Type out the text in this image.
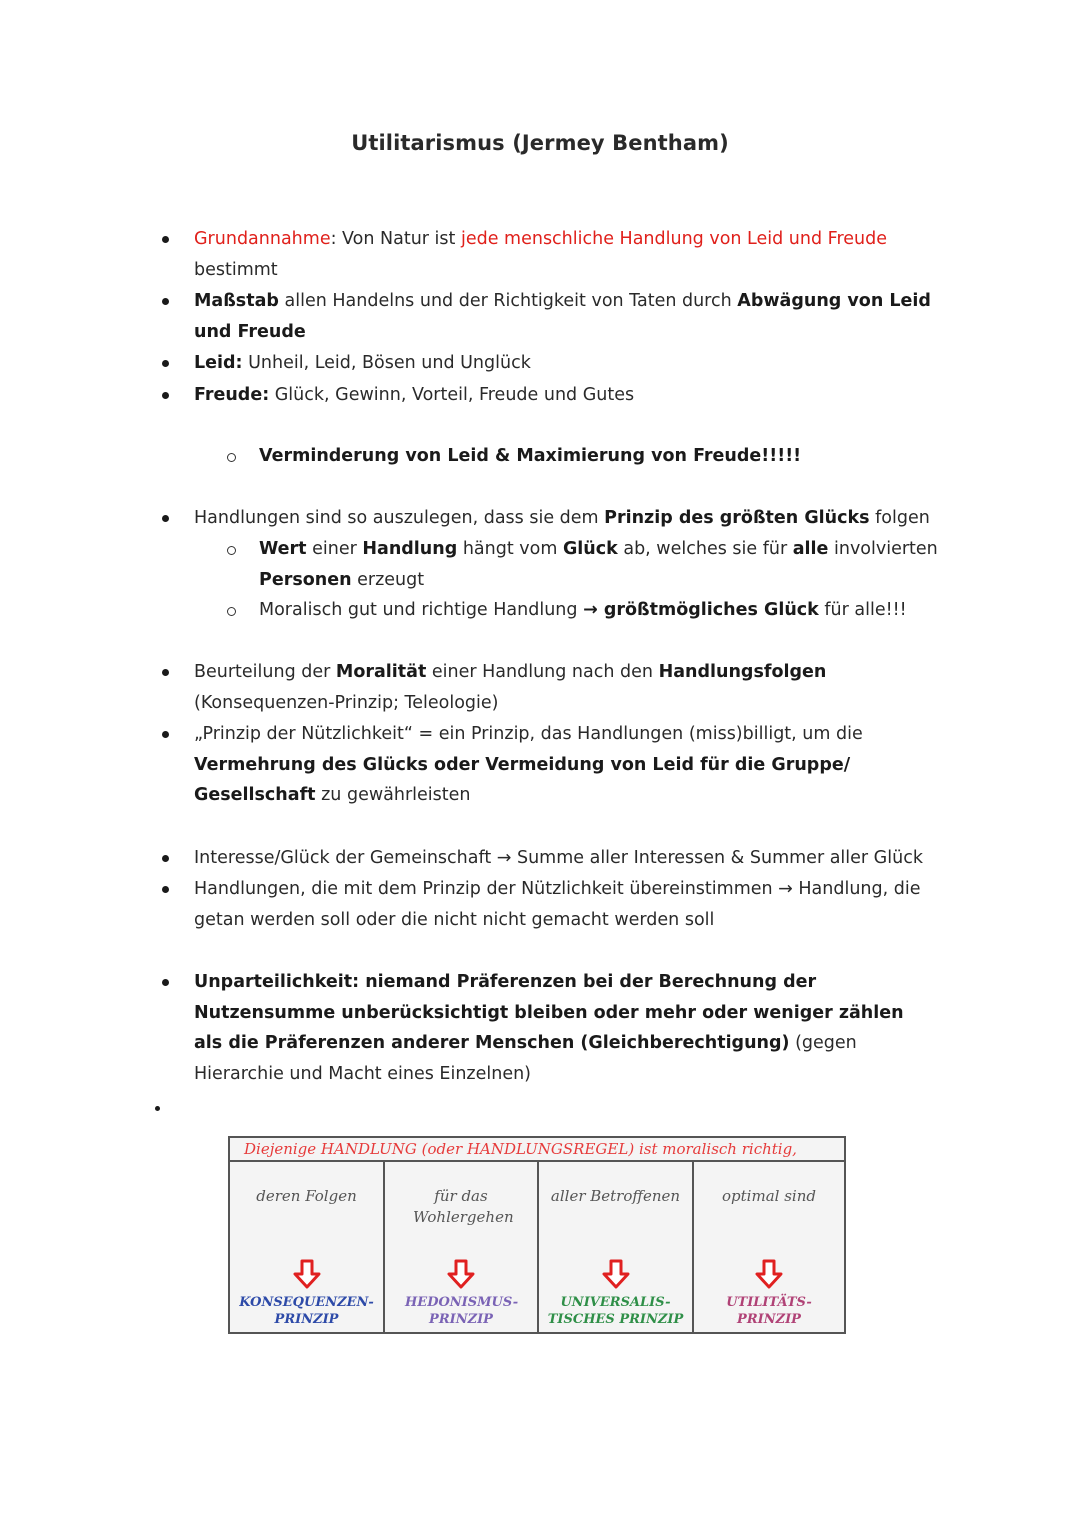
Utilitarismus (Jermey Bentham)
Grundannahme: Von Natur ist jede menschliche Handlung von Leid und Freude
bestimmt
Maßstab allen Handelns und der Richtigkeit von Taten durch Abwägung von Leid und Freude
Leid: Unheil, Leid, Bösen und Unglück
Freude: Glück, Gewinn, Vorteil, Freude und Gutes
Verminderung von Leid & Maximierung von Freude!!!!!
Handlungen sind so auszulegen, dass sie dem Prinzip des größten Glücks folgen
Wert einer Handlung hängt vom Glück ab, welches sie für alle involvierten Personen erzeugt
Moralisch gut und richtige Handlung → größtmögliches Glück für alle!!!
Beurteilung der Moralität einer Handlung nach den Handlungsfolgen
(Konsequenzen-Prinzip; Teleologie)
„Prinzip der Nützlichkeit“ = ein Prinzip, das Handlungen (miss)billigt, um die Vermehrung des Glücks oder Vermeidung von Leid für die Gruppe/ Gesellschaft zu gewährleisten
Interesse/Glück der Gemeinschaft → Summe aller Interessen & Summer aller Glück
Handlungen, die mit dem Prinzip der Nützlichkeit übereinstimmen → Handlung, die getan werden soll oder die nicht nicht gemacht werden soll
Unparteilichkeit: niemand Präferenzen bei der Berechnung der Nutzensumme unberücksichtigt bleiben oder mehr oder weniger zählen als die Präferenzen anderer Menschen (Gleichberechtigung) (gegen Hierarchie und Macht eines Einzelnen)
Diejenige HANDLUNG (oder HANDLUNGSREGEL) ist moralisch richtig,
deren Folgen
KONSEQUENZEN-PRINZIP
für das Wohlergehen
HEDONISMUS-PRINZIP
aller Betroffenen
UNIVERSALIS-TISCHES PRINZIP
optimal sind
UTILITÄTS-PRINZIP
